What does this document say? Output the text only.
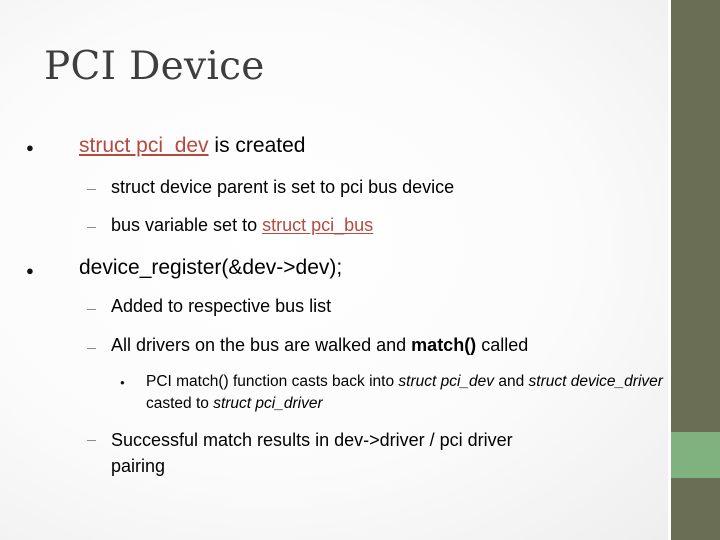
PCI Device
● struct pci_dev is created
struct device parent is set to pci bus device
bus variable set to struct pci_bus
● device_register(&dev->dev);
Added to respective bus list
All drivers on the bus are walked and match() called
● PCI match() function casts back into struct pci_dev and struct device_driver casted to struct pci_driver
Successful match results in dev->driver / pci driver
pairing
